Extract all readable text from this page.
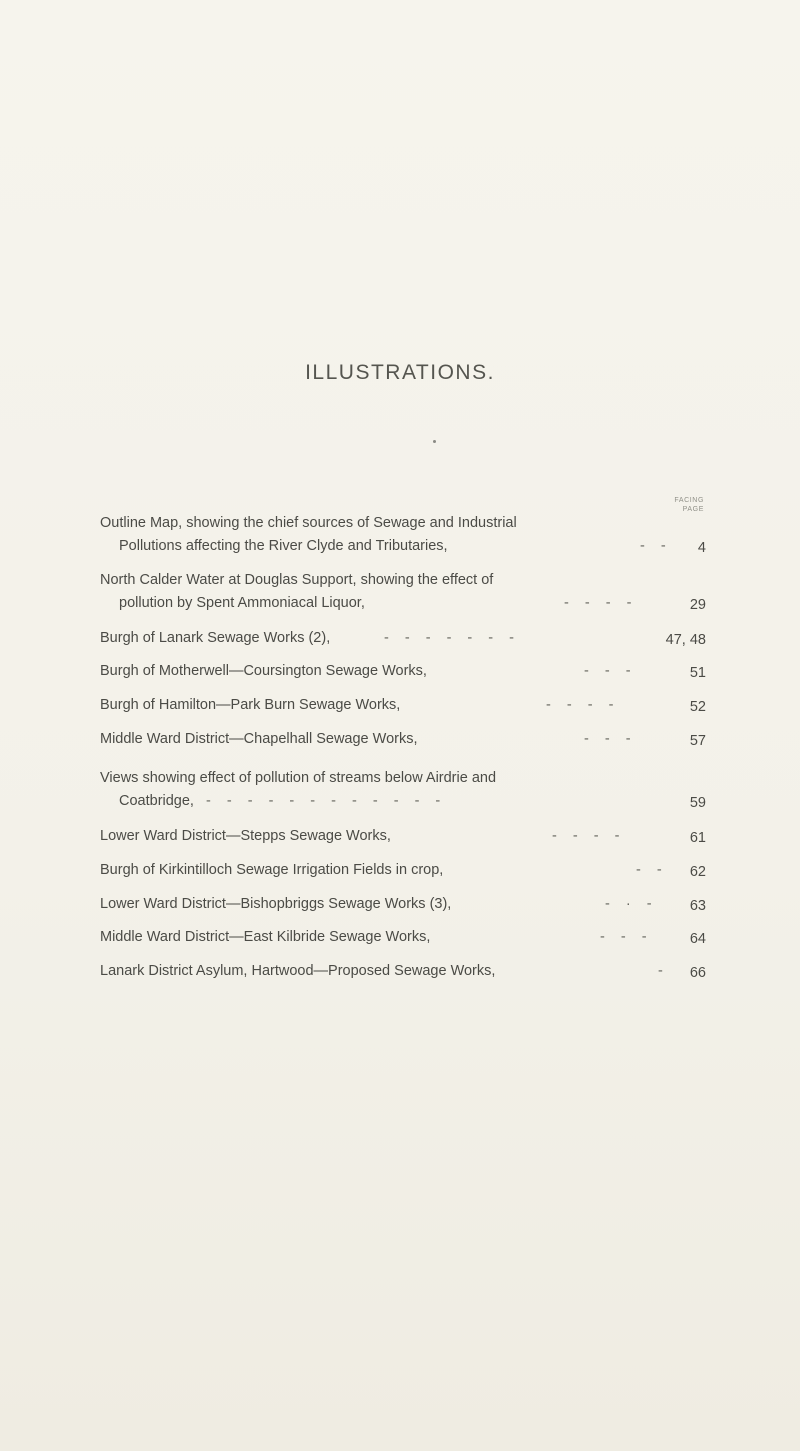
ILLUSTRATIONS.
FACING
PAGE
Outline Map, showing the chief sources of Sewage and Industrial
Pollutions affecting the River Clyde and Tributaries,	- - 4
North Calder Water at Douglas Support, showing the effect of
pollution by Spent Ammoniacal Liquor,	- - - -	29
Burgh of Lanark Sewage Works (2),	- - - - - - -	47, 48
Burgh of Motherwell—Coursington Sewage Works,	- - -	51
Burgh of Hamilton—Park Burn Sewage Works,	- - - -	52
Middle Ward District—Chapelhall Sewage Works,	- - -	57
Views showing effect of pollution of streams below Airdrie and
Coatbridge, - - - - - - - - - - - -	59
Lower Ward District—Stepps Sewage Works,	- - - -	61
Burgh of Kirkintilloch Sewage Irrigation Fields in crop,	- - 62
Lower Ward District—Bishopbriggs Sewage Works (3),	- · - 63
Middle Ward District—East Kilbride Sewage Works,	- - -	64
Lanark District Asylum, Hartwood—Proposed Sewage Works,	- 66
